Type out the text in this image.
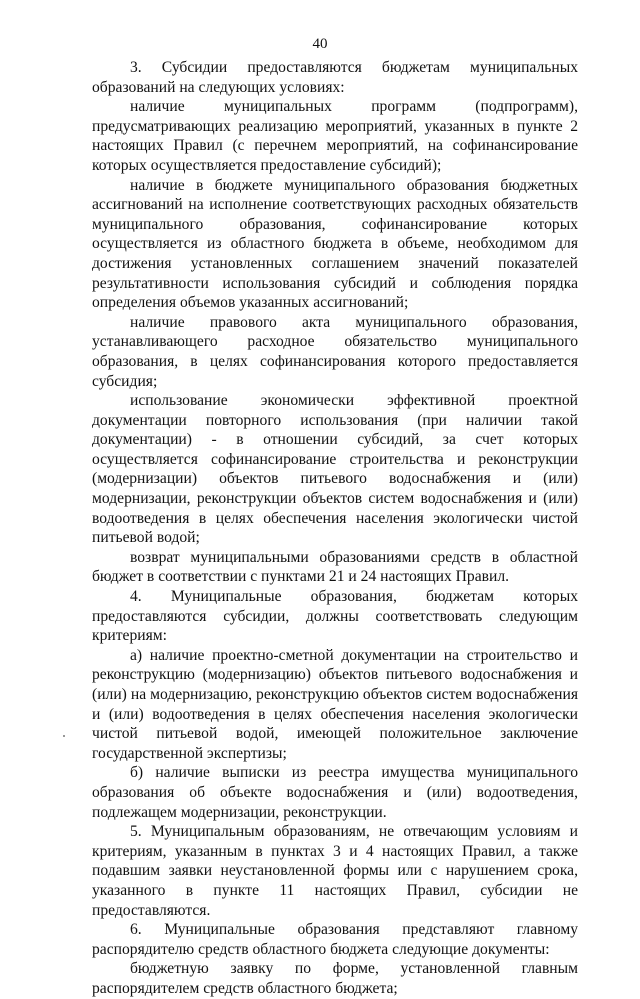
40

3. Субсидии предоставляются бюджетам муниципальных образований на следующих условиях:

наличие муниципальных программ (подпрограмм), предусматривающих реализацию мероприятий, указанных в пункте 2 настоящих Правил (с перечнем мероприятий, на софинансирование которых осуществляется предоставление субсидий);

наличие в бюджете муниципального образования бюджетных ассигнований на исполнение соответствующих расходных обязательств муниципального образования, софинансирование которых осуществляется из областного бюджета в объеме, необходимом для достижения установленных соглашением значений показателей результативности использования субсидий и соблюдения порядка определения объемов указанных ассигнований;

наличие правового акта муниципального образования, устанавливающего расходное обязательство муниципального образования, в целях софинансирования которого предоставляется субсидия;

использование экономически эффективной проектной документации повторного использования (при наличии такой документации) - в отношении субсидий, за счет которых осуществляется софинансирование строительства и реконструкции (модернизации) объектов питьевого водоснабжения и (или) модернизации, реконструкции объектов систем водоснабжения и (или) водоотведения в целях обеспечения населения экологически чистой питьевой водой;

возврат муниципальными образованиями средств в областной бюджет в соответствии с пунктами 21 и 24 настоящих Правил.

4. Муниципальные образования, бюджетам которых предоставляются субсидии, должны соответствовать следующим критериям:

а) наличие проектно-сметной документации на строительство и реконструкцию (модернизацию) объектов питьевого водоснабжения и (или) на модернизацию, реконструкцию объектов систем водоснабжения и (или) водоотведения в целях обеспечения населения экологически чистой питьевой водой, имеющей положительное заключение государственной экспертизы;

б) наличие выписки из реестра имущества муниципального образования об объекте водоснабжения и (или) водоотведения, подлежащем модернизации, реконструкции.

5. Муниципальным образованиям, не отвечающим условиям и критериям, указанным в пунктах 3 и 4 настоящих Правил, а также подавшим заявки неустановленной формы или с нарушением срока, указанного в пункте 11 настоящих Правил, субсидии не предоставляются.

6. Муниципальные образования представляют главному распорядителю средств областного бюджета следующие документы:

бюджетную заявку по форме, установленной главным распорядителем средств областного бюджета;
